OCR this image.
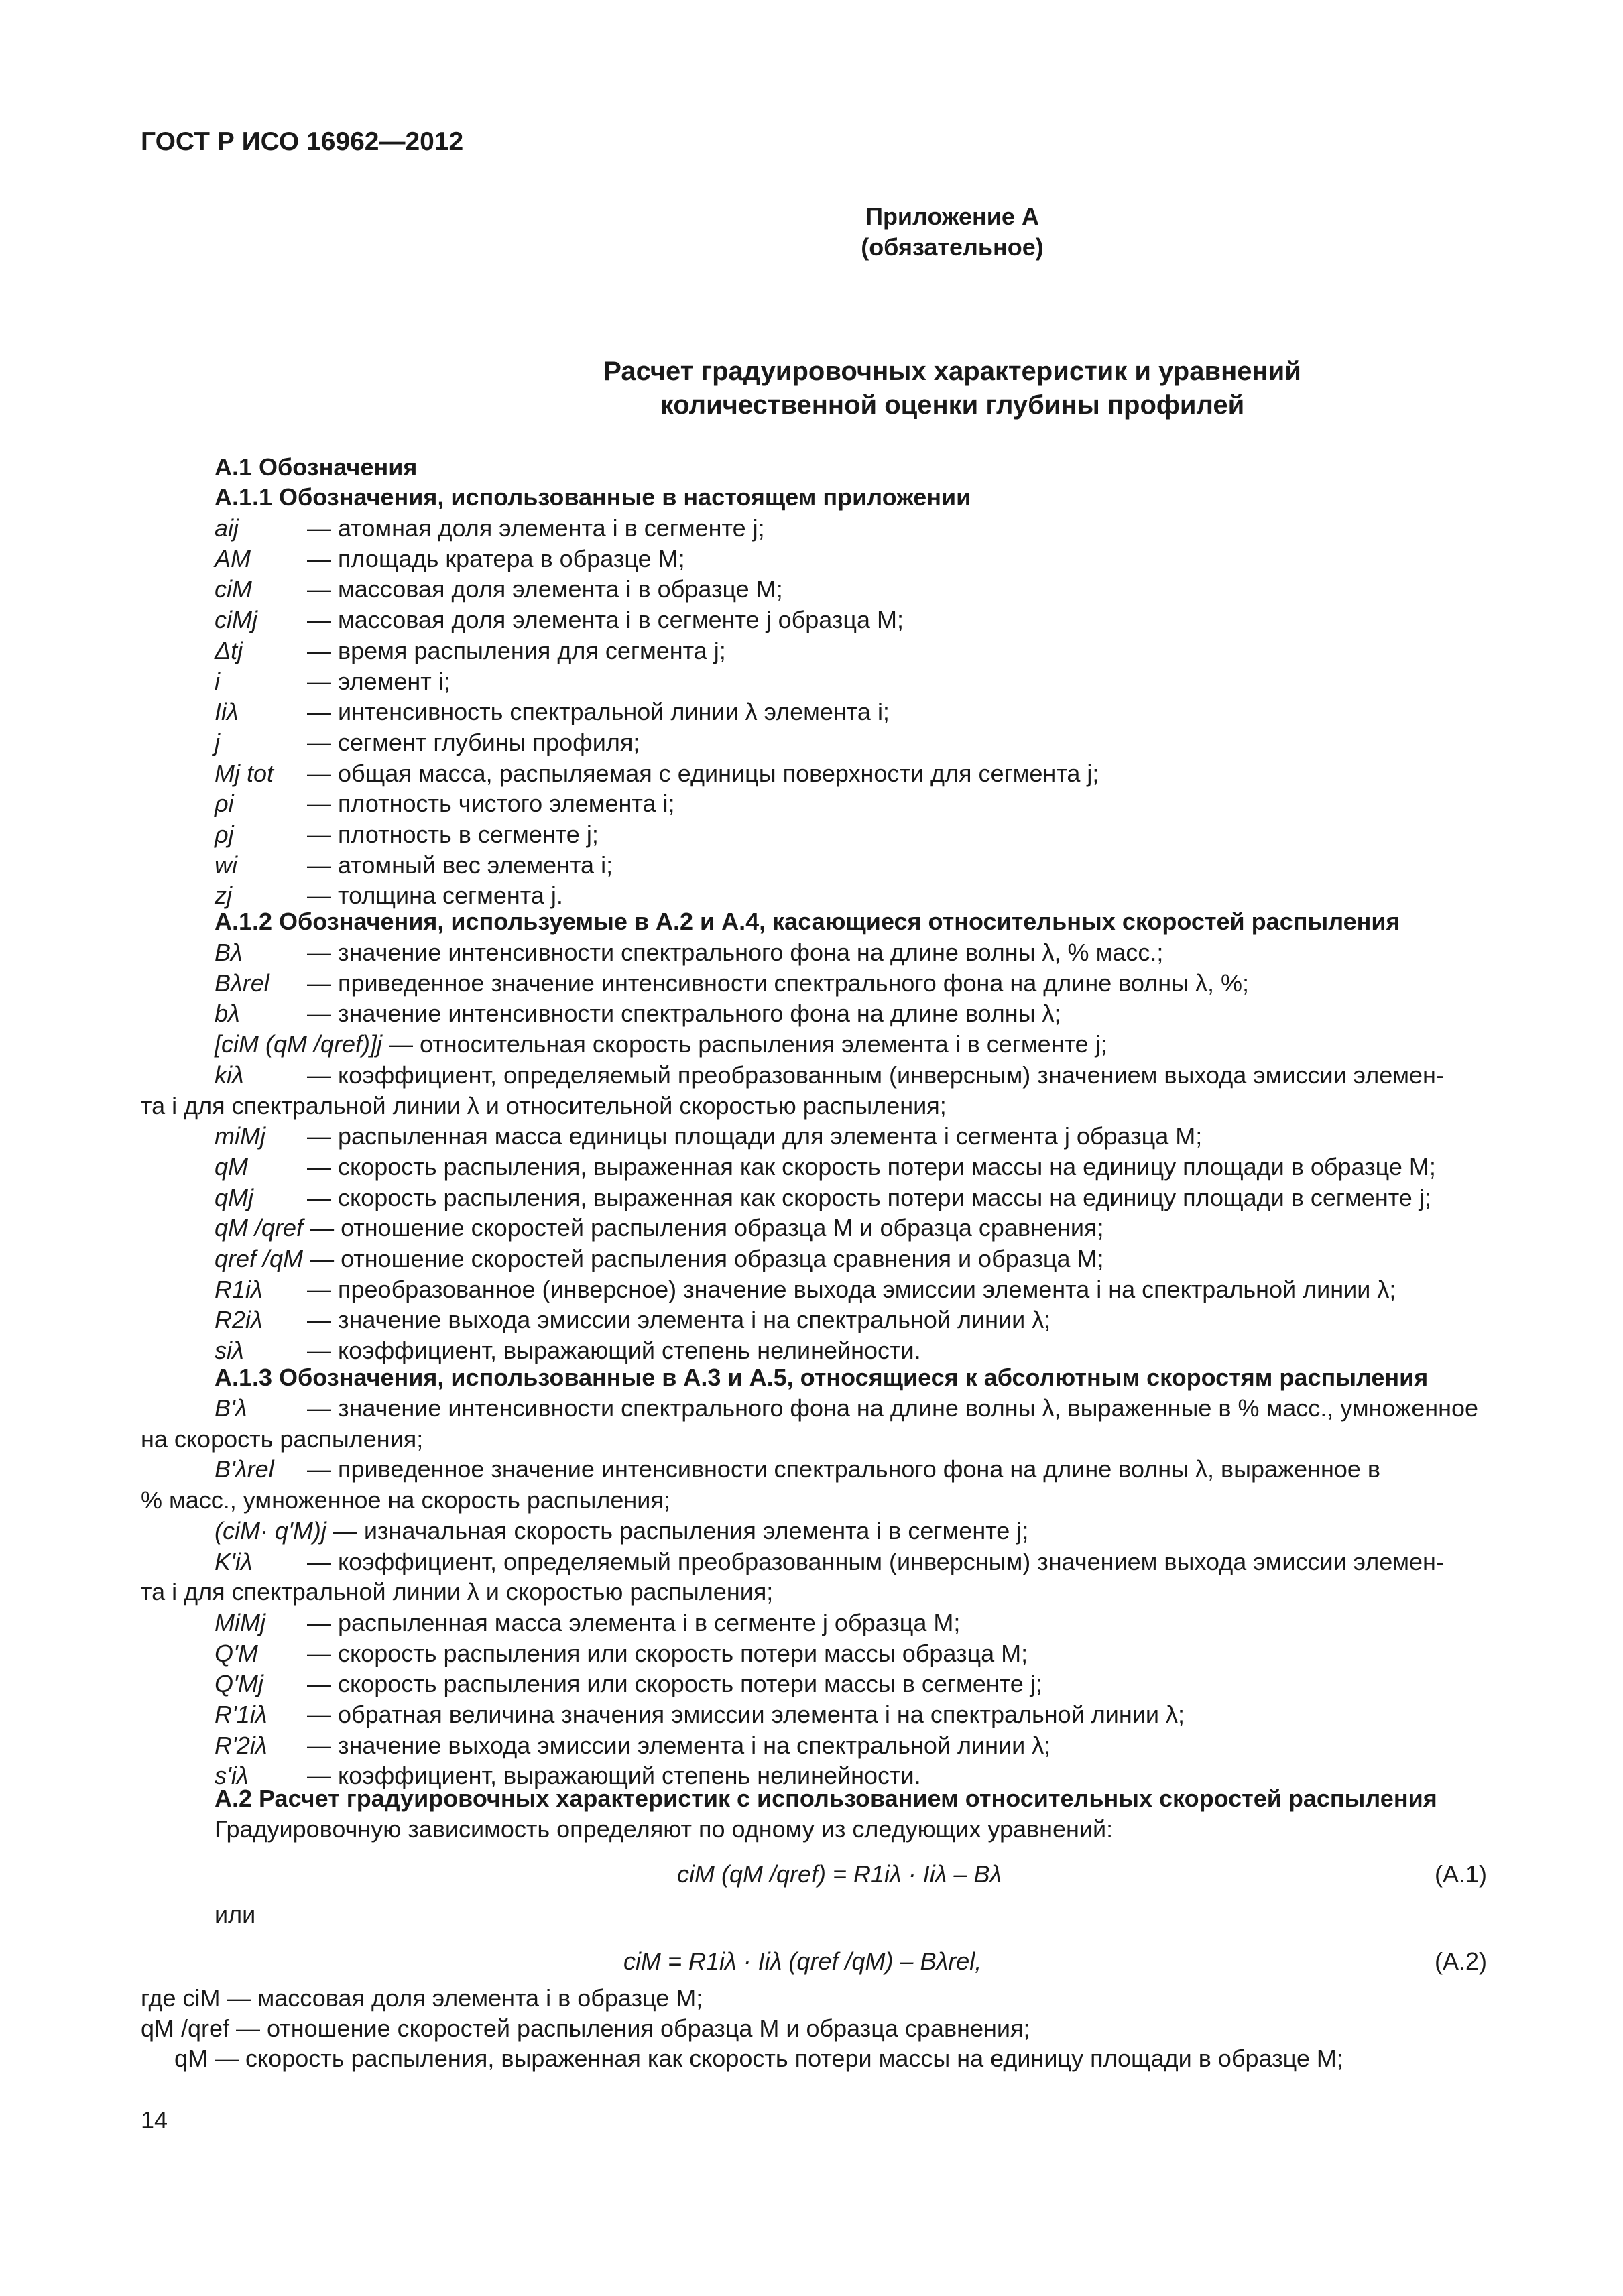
ГОСТ Р ИСО 16962—2012
Приложение А
(обязательное)
Расчет градуировочных характеристик и уравнений
количественной оценки глубины профилей
А.1 Обозначения
А.1.1 Обозначения, использованные в настоящем приложении
aij	— атомная доля элемента i в сегменте j;
AM — площадь кратера в образце M;
ciM — массовая доля элемента i в образце M;
ciMj — массовая доля элемента i в сегменте j образца M;
Δtj	— время распыления для сегмента j;
i	— элемент i;
Iiλ	— интенсивность спектральной линии λ элемента i;
j	— сегмент глубины профиля;
Mj tot — общая масса, распыляемая с единицы поверхности для сегмента j;
ρi	— плотность чистого элемента i;
ρj	— плотность в сегменте j;
wi	— атомный вес элемента i;
zj	— толщина сегмента j.
А.1.2 Обозначения, используемые в А.2 и А.4, касающиеся относительных скоростей распыления
Bλ	— значение интенсивности спектрального фона на длине волны λ, % масс.;
Bλrel — приведенное значение интенсивности спектрального фона на длине волны λ, %;
bλ	— значение интенсивности спектрального фона на длине волны λ;
[ciM (qM /qref)]j — относительная скорость распыления элемента i в сегменте j;
kiλ	— коэффициент, определяемый преобразованным (инверсным) значением выхода эмиссии элемен-
та i для спектральной линии λ и относительной скоростью распыления;
miMj — распыленная масса единицы площади для элемента i сегмента j образца M;
qM — скорость распыления, выраженная как скорость потери массы на единицу площади в образце M;
qMj — скорость распыления, выраженная как скорость потери массы на единицу площади в сегменте j;
qM /qref — отношение скоростей распыления образца M и образца сравнения;
qref /qM — отношение скоростей распыления образца сравнения и образца M;
R1iλ — преобразованное (инверсное) значение выхода эмиссии элемента i на спектральной линии λ;
R2iλ — значение выхода эмиссии элемента i на спектральной линии λ;
siλ	— коэффициент, выражающий степень нелинейности.
А.1.3 Обозначения, использованные в А.3 и А.5, относящиеся к абсолютным скоростям распыления
B'λ — значение интенсивности спектрального фона на длине волны λ, выраженные в % масс., умноженное
на скорость распыления;
B'λrel — приведенное значение интенсивности спектрального фона на длине волны λ, выраженное в
% масс., умноженное на скорость распыления;
(ciM· q'M)j — изначальная скорость распыления элемента i в сегменте j;
K'iλ — коэффициент, определяемый преобразованным (инверсным) значением выхода эмиссии элемен-
та i для спектральной линии λ и скоростью распыления;
MiMj — распыленная масса элемента i в сегменте j образца M;
Q'M — скорость распыления или скорость потери массы образца M;
Q'Mj — скорость распыления или скорость потери массы в сегменте j;
R'1iλ — обратная величина значения эмиссии элемента i на спектральной линии λ;
R'2iλ — значение выхода эмиссии элемента i на спектральной линии λ;
s'iλ — коэффициент, выражающий степень нелинейности.
А.2 Расчет градуировочных характеристик с использованием относительных скоростей распыления
Градуировочную зависимость определяют по одному из следующих уравнений:
ciM (qM /qref) = R1iλ · Iiλ – Bλ	(А.1)
или
ciM = R1iλ · Iiλ (qref /qM) – Bλrel,	(А.2)
где ciM — массовая доля элемента i в образце M;
qM /qref — отношение скоростей распыления образца M и образца сравнения;
qM — скорость распыления, выраженная как скорость потери массы на единицу площади в образце M;
14
